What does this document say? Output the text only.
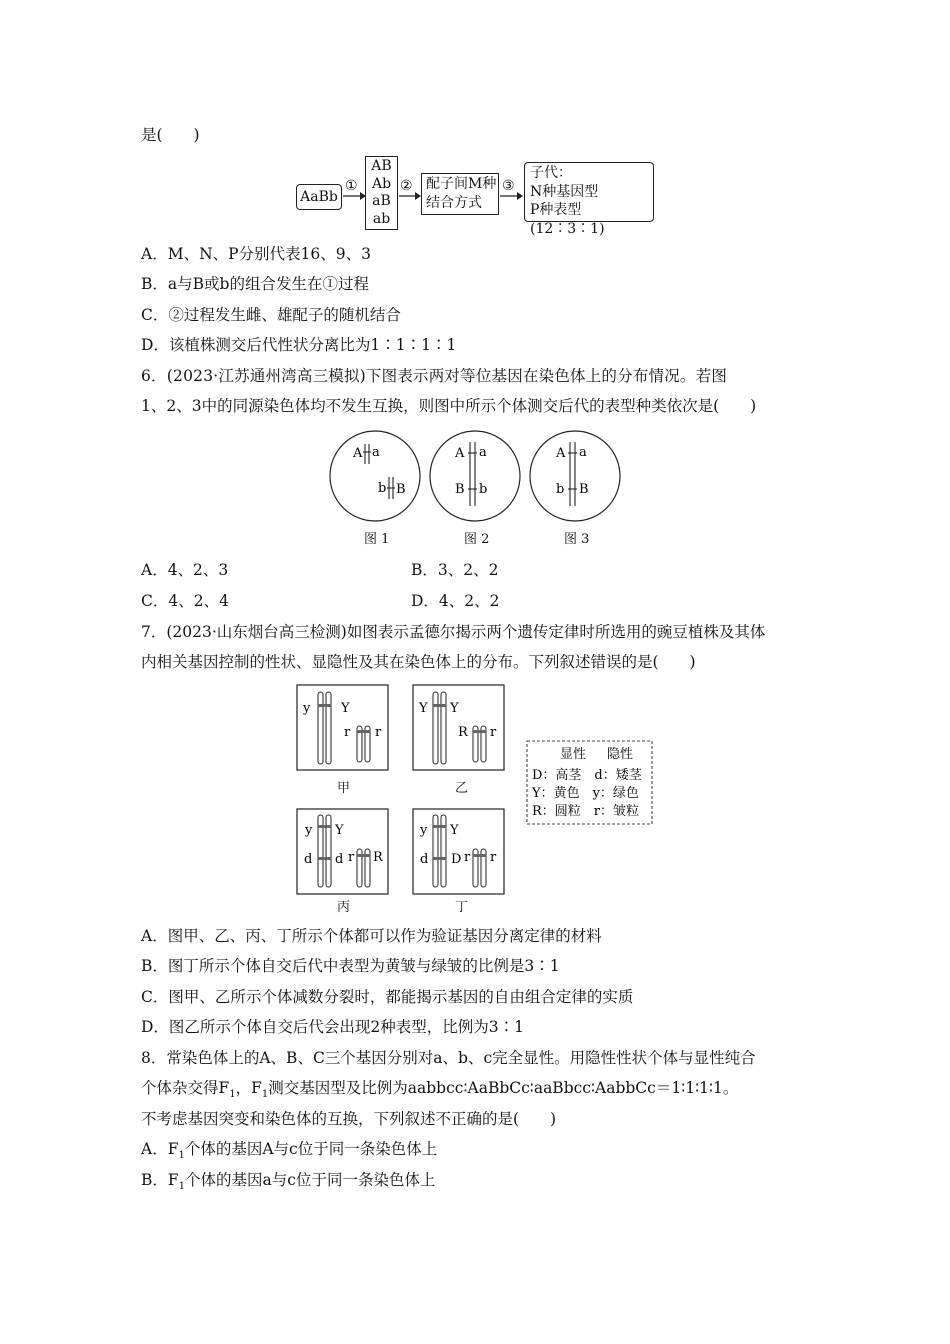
是(　　)
AaBb
①
AB
Ab
aB
ab
② 配子间M种
结合方式
③
子代：
N种基因型
P种表型(12∶3∶1)
A．M、N、P分别代表16、9、3
B．a与B或b的组合发生在①过程
C．②过程发生雌、雄配子的随机结合
D．该植株测交后代性状分离比为1∶1∶1∶1
6．(2023·江苏通州湾高三模拟)下图表示两对等位基因在染色体上的分布情况。若图
1、2、3中的同源染色体均不发生互换，则图中所示个体测交后代的表型种类依次是(　　)
A a
b B
A a
B b
A a
b B
图 1	图 2	图 3
A．4、2、3	B．3、2、2
C．4、2、4	D．4、2、2
7．(2023·山东烟台高三检测)如图表示孟德尔揭示两个遗传定律时所选用的豌豆植株及其体
内相关基因控制的性状、显隐性及其在染色体上的分布。下列叙述错误的是(　　)
y Y
r r
Y Y
R r
y Y
d d r R
y Y
d D r r
显性 隐性
D：高茎　d：矮茎
Y：黄色　y：绿色
R：圆粒　r：皱粒
甲	乙
丙	丁
A．图甲、乙、丙、丁所示个体都可以作为验证基因分离定律的材料
B．图丁所示个体自交后代中表型为黄皱与绿皱的比例是3∶1
C．图甲、乙所示个体减数分裂时，都能揭示基因的自由组合定律的实质
D．图乙所示个体自交后代会出现2种表型，比例为3∶1
8．常染色体上的A、B、C三个基因分别对a、b、c完全显性。用隐性性状个体与显性纯合
个体杂交得$F_1$，$F_1$测交基因型及比例为aabbcc∶AaBbCc∶aaBbcc∶AabbCc＝1∶1∶1∶1。
不考虑基因突变和染色体的互换，下列叙述不正确的是(　　)
A．$F_1$个体的基因A与c位于同一条染色体上
B．$F_1$个体的基因a与c位于同一条染色体上
